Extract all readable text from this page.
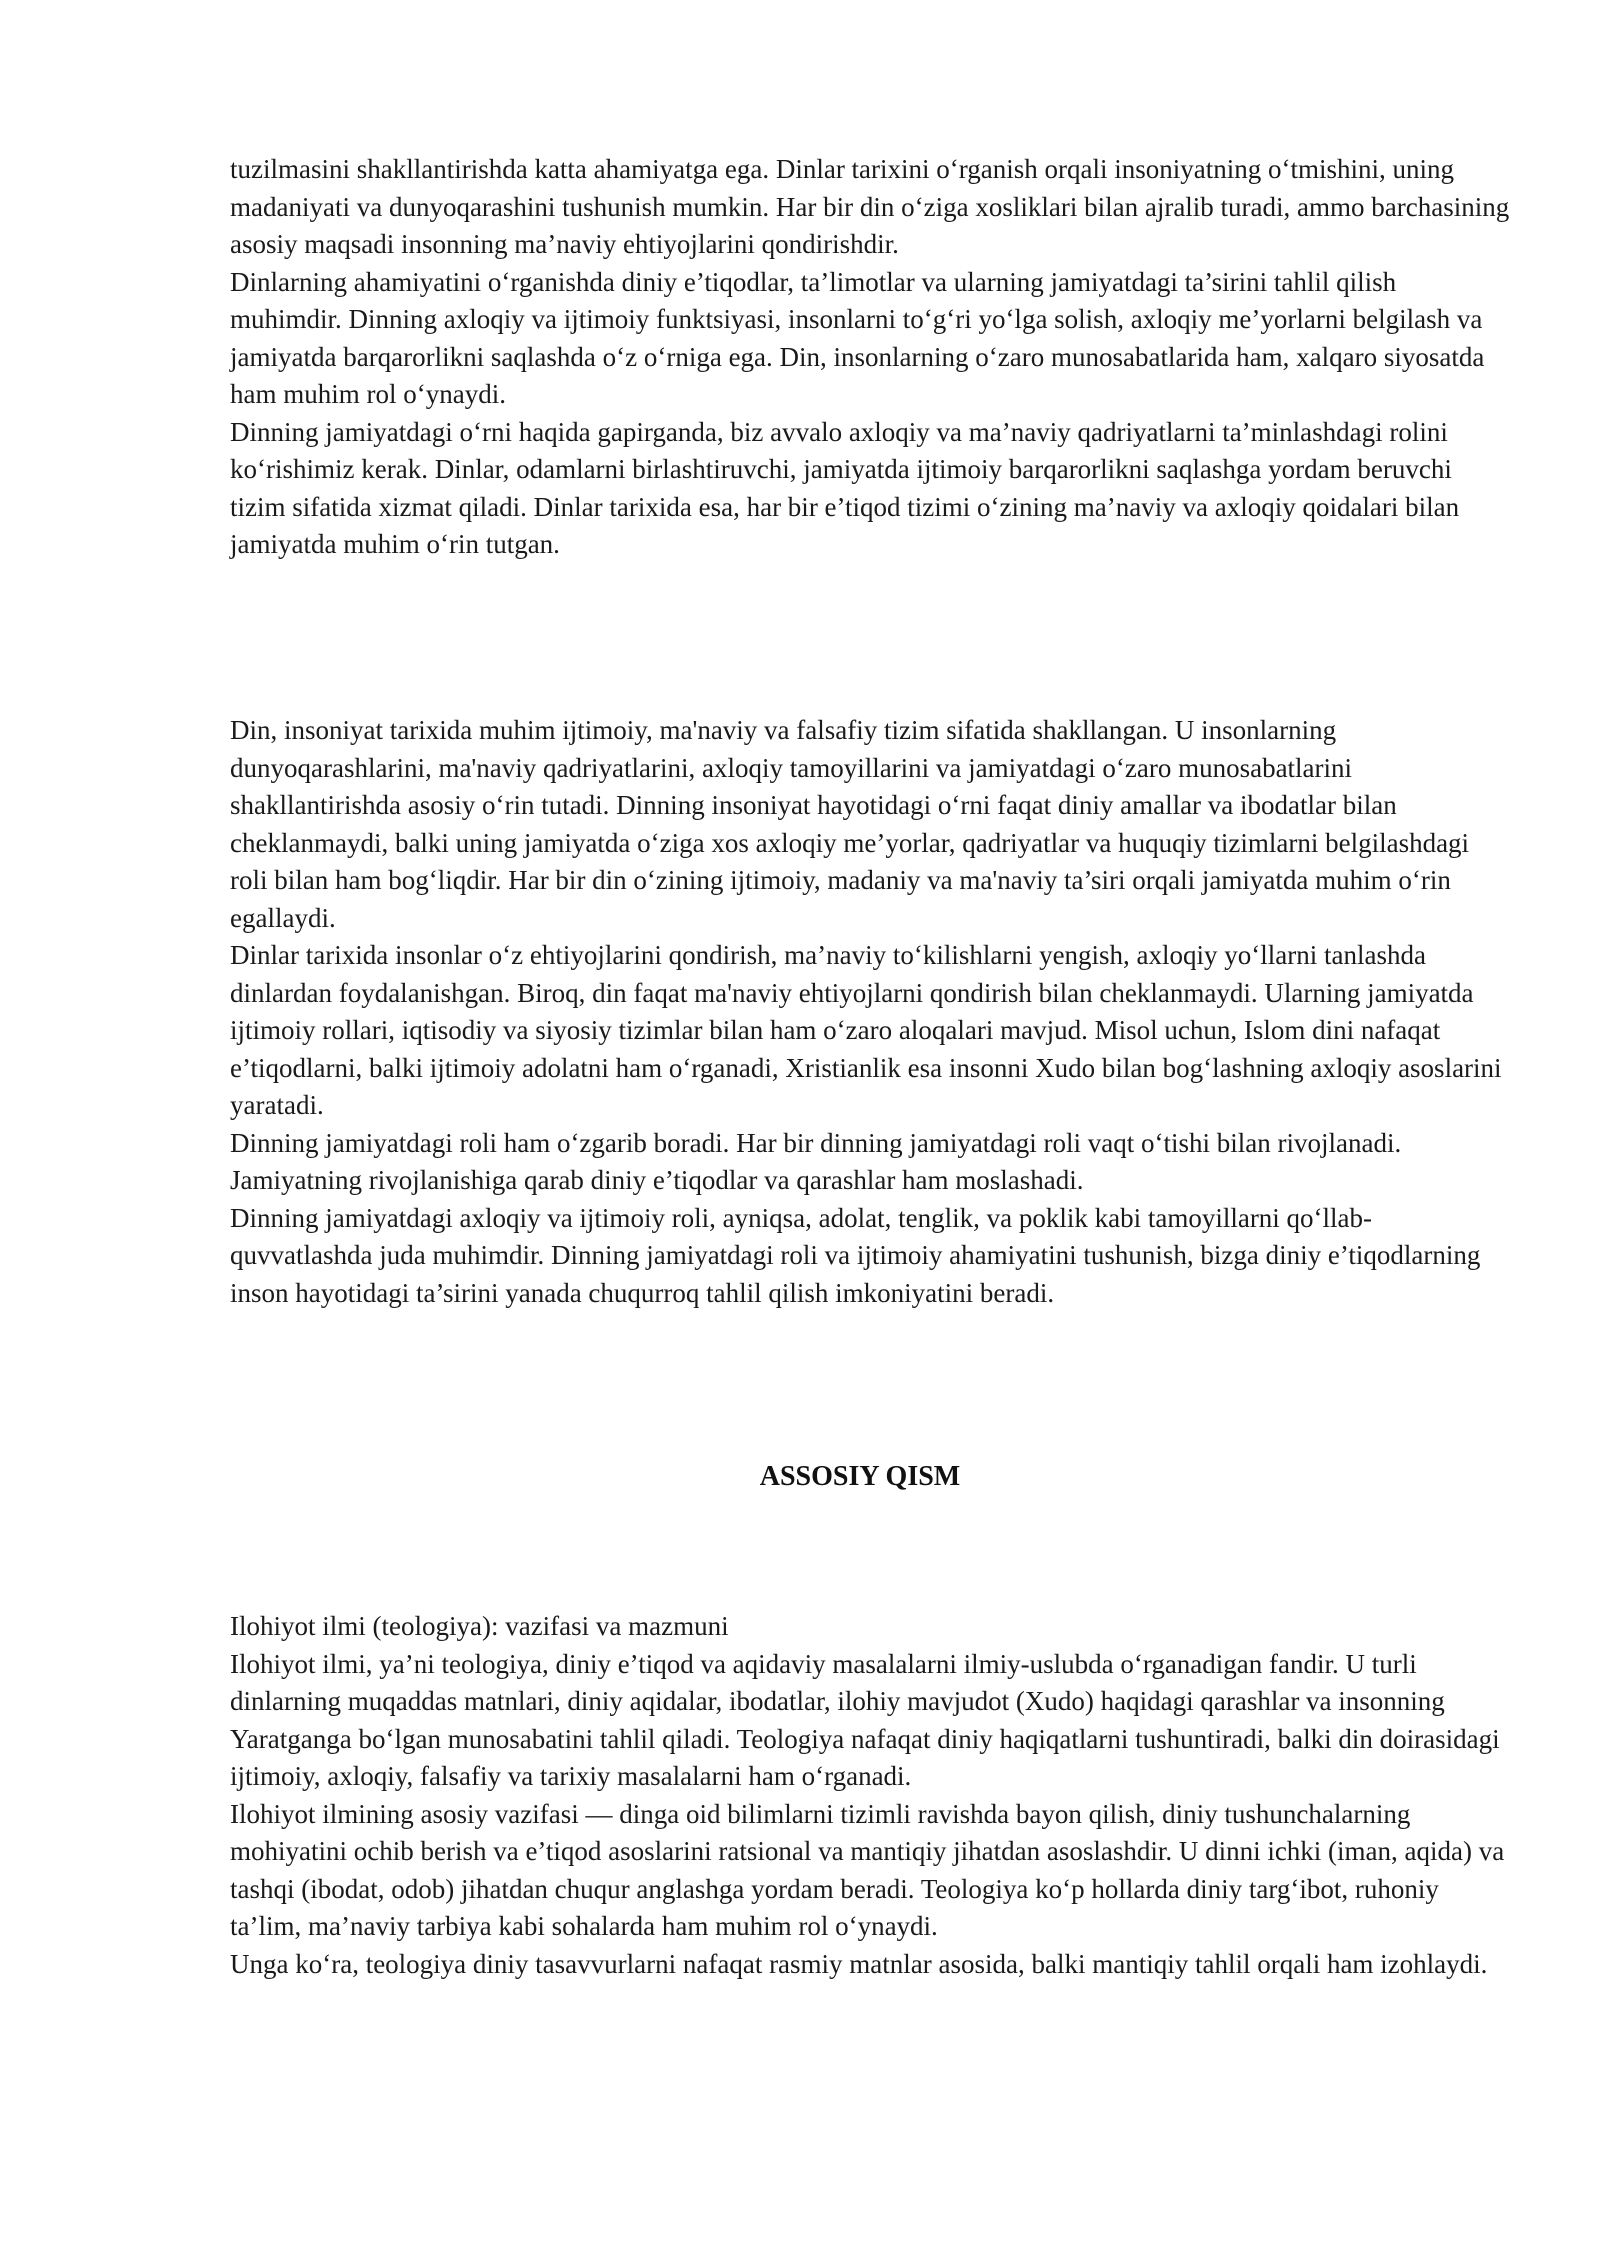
tuzilmasini shakllantirishda katta ahamiyatga ega. Dinlar tarixini o‘rganish orqali insoniyatning o‘tmishini, uning madaniyati va dunyoqarashini tushunish mumkin. Har bir din o‘ziga xosliklari bilan ajralib turadi, ammo barchasining asosiy maqsadi insonning ma’naviy ehtiyojlarini qondirishdir.

Dinlarning ahamiyatini o‘rganishda diniy e’tiqodlar, ta’limotlar va ularning jamiyatdagi ta’sirini tahlil qilish muhimdir. Dinning axloqiy va ijtimoiy funktsiyasi, insonlarni to‘g‘ri yo‘lga solish, axloqiy me’yorlarni belgilash va jamiyatda barqarorlikni saqlashda o‘z o‘rniga ega. Din, insonlarning o‘zaro munosabatlarida ham, xalqaro siyosatda ham muhim rol o‘ynaydi.

Dinning jamiyatdagi o‘rni haqida gapirganda, biz avvalo axloqiy va ma’naviy qadriyatlarni ta’minlashdagi rolini ko‘rishimiz kerak. Dinlar, odamlarni birlashtiruvchi, jamiyatda ijtimoiy barqarorlikni saqlashga yordam beruvchi tizim sifatida xizmat qiladi. Dinlar tarixida esa, har bir e’tiqod tizimi o‘zining ma’naviy va axloqiy qoidalari bilan jamiyatda muhim o‘rin tutgan.

Din, insoniyat tarixida muhim ijtimoiy, ma'naviy va falsafiy tizim sifatida shakllangan. U insonlarning dunyoqarashlarini, ma'naviy qadriyatlarini, axloqiy tamoyillarini va jamiyatdagi o‘zaro munosabatlarini shakllantirishda asosiy o‘rin tutadi. Dinning insoniyat hayotidagi o‘rni faqat diniy amallar va ibodatlar bilan cheklanmaydi, balki uning jamiyatda o‘ziga xos axloqiy me’yorlar, qadriyatlar va huquqiy tizimlarni belgilashdagi roli bilan ham bog‘liqdir. Har bir din o‘zining ijtimoiy, madaniy va ma'naviy ta’siri orqali jamiyatda muhim o‘rin egallaydi.

Dinlar tarixida insonlar o‘z ehtiyojlarini qondirish, ma’naviy to‘kilishlarni yengish, axloqiy yo‘llarni tanlashda dinlardan foydalanishgan. Biroq, din faqat ma'naviy ehtiyojlarni qondirish bilan cheklanmaydi. Ularning jamiyatda ijtimoiy rollari, iqtisodiy va siyosiy tizimlar bilan ham o‘zaro aloqalari mavjud. Misol uchun, Islom dini nafaqat e’tiqodlarni, balki ijtimoiy adolatni ham o‘rganadi, Xristianlik esa insonni Xudo bilan bog‘lashning axloqiy asoslarini yaratadi.

Dinning jamiyatdagi roli ham o‘zgarib boradi. Har bir dinning jamiyatdagi roli vaqt o‘tishi bilan rivojlanadi. Jamiyatning rivojlanishiga qarab diniy e’tiqodlar va qarashlar ham moslashadi.

Dinning jamiyatdagi axloqiy va ijtimoiy roli, ayniqsa, adolat, tenglik, va poklik kabi tamoyillarni qo‘llab-quvvatlashda juda muhimdir. Dinning jamiyatdagi roli va ijtimoiy ahamiyatini tushunish, bizga diniy e’tiqodlarning inson hayotidagi ta’sirini yanada chuqurroq tahlil qilish imkoniyatini beradi.

ASSOSIY QISM

Ilohiyot ilmi (teologiya): vazifasi va mazmuni

Ilohiyot ilmi, ya’ni teologiya, diniy e’tiqod va aqidaviy masalalarni ilmiy-uslubda o‘rganadigan fandir. U turli dinlarning muqaddas matnlari, diniy aqidalar, ibodatlar, ilohiy mavjudot (Xudo) haqidagi qarashlar va insonning Yaratganga bo‘lgan munosabatini tahlil qiladi. Teologiya nafaqat diniy haqiqatlarni tushuntiradi, balki din doirasidagi ijtimoiy, axloqiy, falsafiy va tarixiy masalalarni ham o‘rganadi.

Ilohiyot ilmining asosiy vazifasi — dinga oid bilimlarni tizimli ravishda bayon qilish, diniy tushunchalarning mohiyatini ochib berish va e’tiqod asoslarini ratsional va mantiqiy jihatdan asoslashdir. U dinni ichki (iman, aqida) va tashqi (ibodat, odob) jihatdan chuqur anglashga yordam beradi. Teologiya ko‘p hollarda diniy targ‘ibot, ruhoniy ta’lim, ma’naviy tarbiya kabi sohalarda ham muhim rol o‘ynaydi.

Unga ko‘ra, teologiya diniy tasavvurlarni nafaqat rasmiy matnlar asosida, balki mantiqiy tahlil orqali ham izohlaydi.
